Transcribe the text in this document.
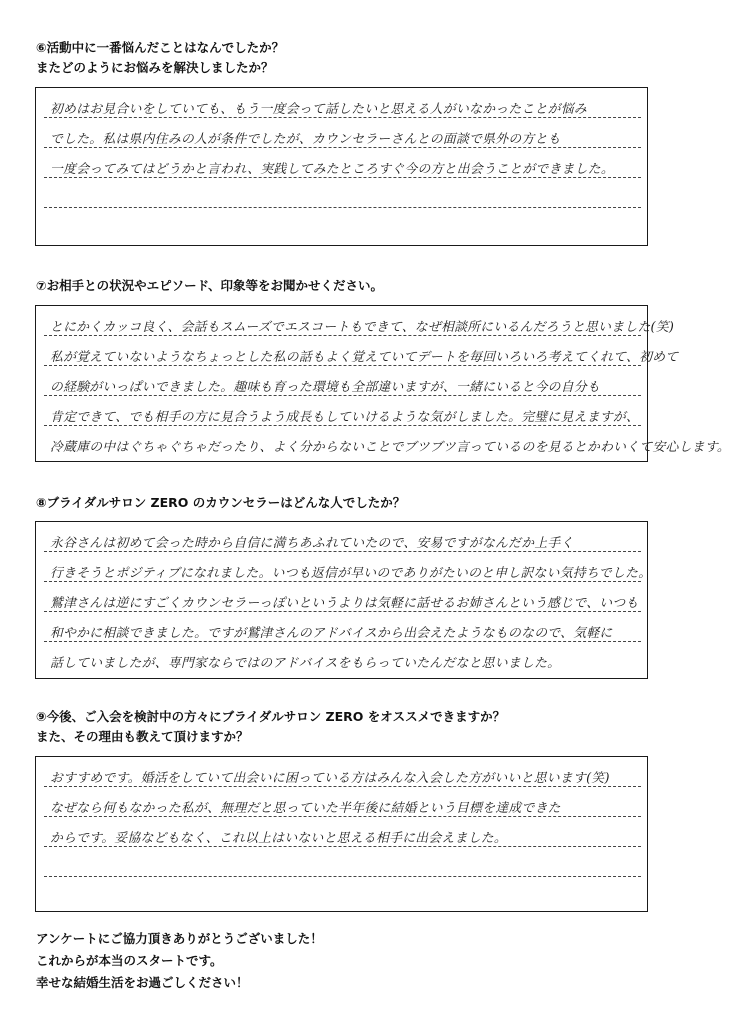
⑥活動中に一番悩んだことはなんでしたか？
またどのようにお悩みを解決しましたか？
初めはお見合いをしていても、もう一度会って話したいと思える人がいなかったことが悩み
でした。私は県内住みの人が条件でしたが、カウンセラーさんとの面談で県外の方とも
一度会ってみてはどうかと言われ、実践してみたところすぐ今の方と出会うことができました。
⑦お相手との状況やエピソード、印象等をお聞かせください。
とにかくカッコ良く、会話もスムーズでエスコートもできて、なぜ相談所にいるんだろうと思いました(笑)
私が覚えていないようなちょっとした私の話もよく覚えていてデートを毎回いろいろ考えてくれて、初めて
の経験がいっぱいできました。趣味も育った環境も全部違いますが、一緒にいると今の自分も
肯定できて、でも相手の方に見合うよう成長もしていけるような気がしました。完璧に見えますが、
冷蔵庫の中はぐちゃぐちゃだったり、よく分からないことでブツブツ言っているのを見るとかわいくて安心します。
⑧ブライダルサロン ZERO のカウンセラーはどんな人でしたか？
永谷さんは初めて会った時から自信に満ちあふれていたので、安易ですがなんだか上手く
行きそうとポジティブになれました。いつも返信が早いのでありがたいのと申し訳ない気持ちでした。
鷲津さんは逆にすごくカウンセラーっぽいというよりは気軽に話せるお姉さんという感じで、いつも
和やかに相談できました。ですが鷲津さんのアドバイスから出会えたようなものなので、気軽に
話していましたが、専門家ならではのアドバイスをもらっていたんだなと思いました。
⑨今後、ご入会を検討中の方々にブライダルサロン ZERO をオススメできますか？
また、その理由も教えて頂けますか？
おすすめです。婚活をしていて出会いに困っている方はみんな入会した方がいいと思います(笑)
なぜなら何もなかった私が、無理だと思っていた半年後に結婚という目標を達成できた
からです。妥協などもなく、これ以上はいないと思える相手に出会えました。
アンケートにご協力頂きありがとうございました！
これからが本当のスタートです。
幸せな結婚生活をお過ごしください！
